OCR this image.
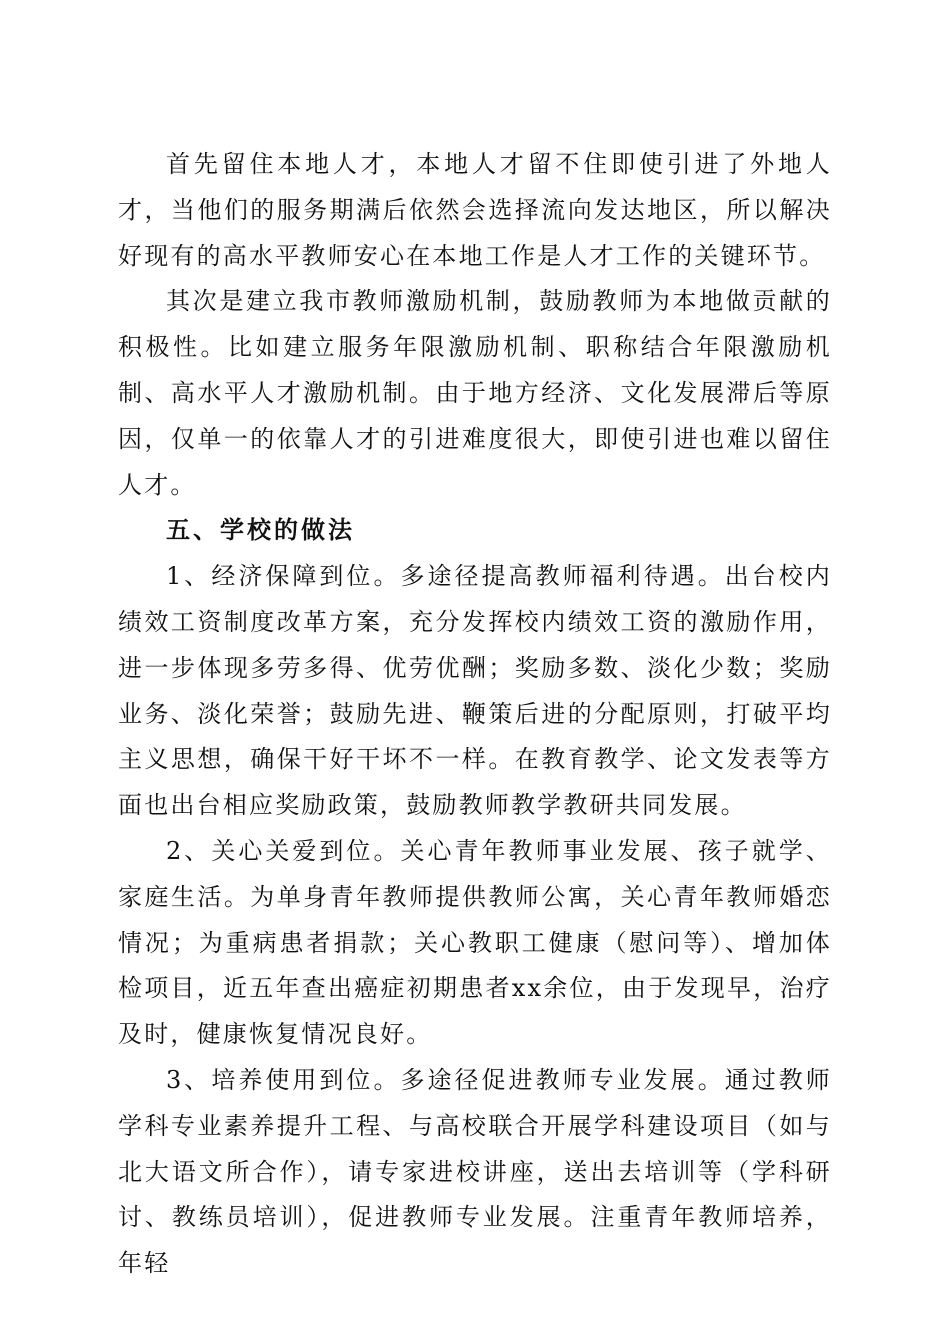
首先留住本地人才，本地人才留不住即使引进了外地人才，当他们的服务期满后依然会选择流向发达地区，所以解决好现有的高水平教师安心在本地工作是人才工作的关键环节。

其次是建立我市教师激励机制，鼓励教师为本地做贡献的积极性。比如建立服务年限激励机制、职称结合年限激励机制、高水平人才激励机制。由于地方经济、文化发展滞后等原因，仅单一的依靠人才的引进难度很大，即使引进也难以留住人才。

五、学校的做法

1、经济保障到位。多途径提高教师福利待遇。出台校内绩效工资制度改革方案，充分发挥校内绩效工资的激励作用，进一步体现多劳多得、优劳优酬；奖励多数、淡化少数；奖励业务、淡化荣誉；鼓励先进、鞭策后进的分配原则，打破平均主义思想，确保干好干坏不一样。在教育教学、论文发表等方面也出台相应奖励政策，鼓励教师教学教研共同发展。

2、关心关爱到位。关心青年教师事业发展、孩子就学、家庭生活。为单身青年教师提供教师公寓，关心青年教师婚恋情况；为重病患者捐款；关心教职工健康（慰问等）、增加体检项目，近五年查出癌症初期患者xx余位，由于发现早，治疗及时，健康恢复情况良好。

3、培养使用到位。多途径促进教师专业发展。通过教师学科专业素养提升工程、与高校联合开展学科建设项目（如与北大语文所合作），请专家进校讲座，送出去培训等（学科研讨、教练员培训），促进教师专业发展。注重青年教师培养，年轻
